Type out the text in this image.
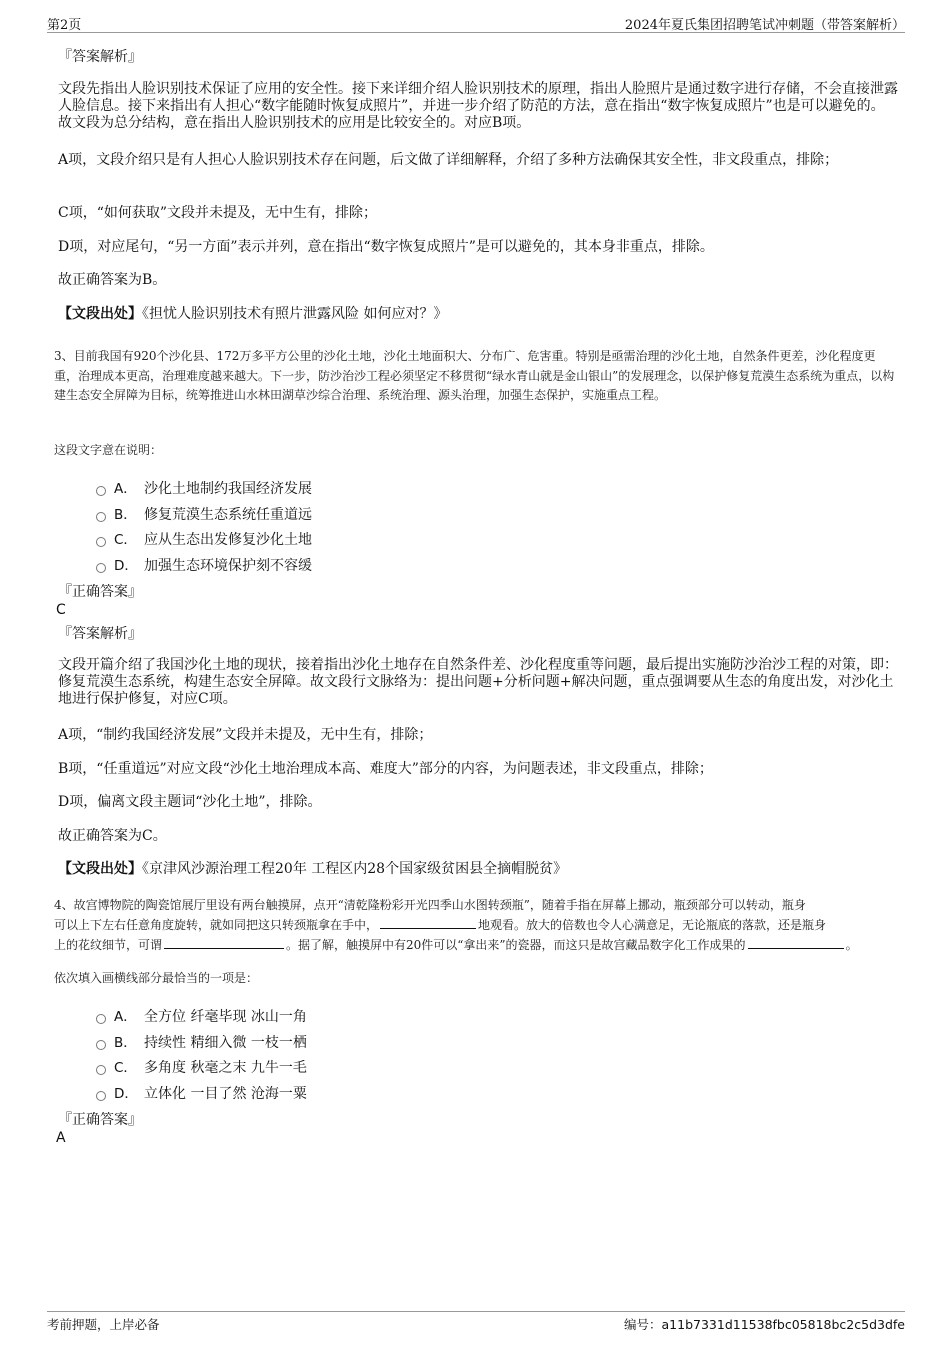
第2页	2024年夏氏集团招聘笔试冲刺题（带答案解析）
『答案解析』
文段先指出人脸识别技术保证了应用的安全性。接下来详细介绍人脸识别技术的原理，指出人脸照片是通过数字进行存储，不会直接泄露人脸信息。接下来指出有人担心“数字能随时恢复成照片”，并进一步介绍了防范的方法，意在指出“数字恢复成照片”也是可以避免的。故文段为总分结构，意在指出人脸识别技术的应用是比较安全的。对应B项。
A项，文段介绍只是有人担心人脸识别技术存在问题，后文做了详细解释，介绍了多种方法确保其安全性，非文段重点，排除；
C项，“如何获取”文段并未提及，无中生有，排除；
D项，对应尾句，“另一方面”表示并列，意在指出“数字恢复成照片”是可以避免的，其本身非重点，排除。
故正确答案为B。
【文段出处】《担忧人脸识别技术有照片泄露风险 如何应对？》
3、目前我国有920个沙化县、172万多平方公里的沙化土地，沙化土地面积大、分布广、危害重。特别是亟需治理的沙化土地，自然条件更差，沙化程度更重，治理成本更高，治理难度越来越大。下一步，防沙治沙工程必须坚定不移贯彻“绿水青山就是金山银山”的发展理念，以保护修复荒漠生态系统为重点，以构建生态安全屏障为目标，统筹推进山水林田湖草沙综合治理、系统治理、源头治理，加强生态保护，实施重点工程。
这段文字意在说明：
A． 沙化土地制约我国经济发展
B． 修复荒漠生态系统任重道远
C． 应从生态出发修复沙化土地
D． 加强生态环境保护刻不容缓
『正确答案』
C
『答案解析』
文段开篇介绍了我国沙化土地的现状，接着指出沙化土地存在自然条件差、沙化程度重等问题，最后提出实施防沙治沙工程的对策，即：修复荒漠生态系统，构建生态安全屏障。故文段行文脉络为：提出问题+分析问题+解决问题，重点强调要从生态的角度出发，对沙化土地进行保护修复，对应C项。
A项，“制约我国经济发展”文段并未提及，无中生有，排除；
B项，“任重道远”对应文段“沙化土地治理成本高、难度大”部分的内容，为问题表述，非文段重点，排除；
D项，偏离文段主题词“沙化土地”，排除。
故正确答案为C。
【文段出处】《京津风沙源治理工程20年 工程区内28个国家级贫困县全摘帽脱贫》
4、故宫博物院的陶瓷馆展厅里设有两台触摸屏，点开“清乾隆粉彩开光四季山水图转颈瓶”，随着手指在屏幕上挪动，瓶颈部分可以转动，瓶身
可以上下左右任意角度旋转，就如同把这只转颈瓶拿在手中，	地观看。放大的倍数也令人心满意足，无论瓶底的落款，还是瓶身
上的花纹细节，可谓	。据了解，触摸屏中有20件可以“拿出来”的瓷器，而这只是故宫藏品数字化工作成果的	。
依次填入画横线部分最恰当的一项是：
A． 全方位 纤毫毕现 冰山一角
B． 持续性 精细入微 一枝一栖
C． 多角度 秋毫之末 九牛一毛
D． 立体化 一目了然 沧海一粟
『正确答案』
A
考前押题，上岸必备	编号：a11b7331d11538fbc05818bc2c5d3dfe
